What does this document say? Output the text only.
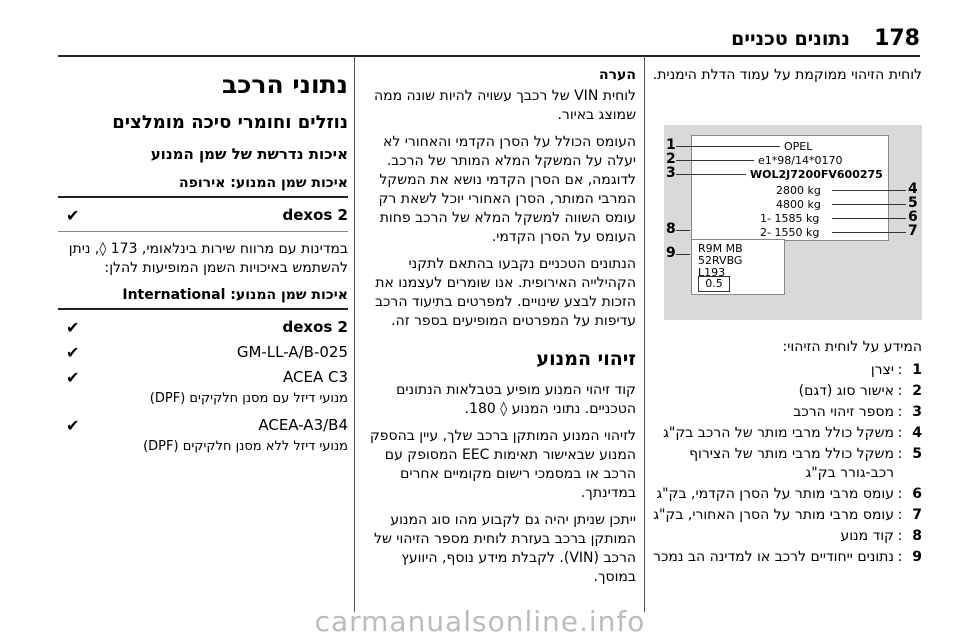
178
נתונים טכניים

לוחית הזיהוי ממוקמת על עמוד הדלת הימנית.

OPEL
e1*98/14*0170
WOL2J7200FV600275
2800 kg
4800 kg
1- 1585 kg
2- 1550 kg
R9M MB
52RVBG
L193
0.5
1
2
3
8
9
4
5
6
7

המידע על לוחית הזיהוי:

1
:
יצרן
2
:
אישור סוג (דגם)
3
:
מספר זיהוי הרכב
4
:
משקל כולל מרבי מותר של הרכב בק"ג
5
:
משקל כולל מרבי מותר של הצירוף רכב-גורר בק"ג
6
:
עומס מרבי מותר על הסרן הקדמי, בק"ג
7
:
עומס מרבי מותר על הסרן האחורי, בק"ג
8
:
קוד מנוע
9
:
נתונים ייחודיים לרכב או למדינה הב נמכר

הערה

לוחית VIN של רכבך עשויה להיות שונה ממה שמוצג באיור.

העומס הכולל על הסרן הקדמי והאחורי לא יעלה על המשקל המלא המותר של הרכב. לדוגמה, אם הסרן הקדמי נושא את המשקל המרבי המותר, הסרן האחורי יוכל לשאת רק עומס השווה למשקל המלא של הרכב פחות העומס על הסרן הקדמי.

הנתונים הטכניים נקבעו בהתאם לתקני הקהילייה האירופית. אנו שומרים לעצמנו את הזכות לבצע שינויים. למפרטים בתיעוד הרכב עדיפות על המפרטים המופיעים בספר זה.

זיהוי המנוע

קוד זיהוי המנוע מופיע בטבלאות הנתונים הטכניים. נתוני המנוע ◊ 180.

לזיהוי המנוע המותקן ברכב שלך, עיין בהספק המנוע שבאישור תאימות EEC המסופק עם הרכב או במסמכי רישום מקומיים אחרים במדינתך.

ייתכן שניתן יהיה גם לקבוע מהו סוג המנוע המותקן ברכב בעזרת לוחית מספר הזיהוי של הרכב (VIN). לקבלת מידע נוסף, היוועץ במוסך.

נתוני הרכב
נוזלים וחומרי סיכה מומלצים
איכות נדרשת של שמן המנוע
איכות שמן המנוע: אירופה
dexos 2
✔

במדינות עם מרווח שירות בינלאומי, 173 ◊, ניתן להשתמש באיכויות השמן המופיעות להלן:

איכות שמן המנוע: International
dexos 2
✔
GM-LL-A/B-025
✔
ACEA C3
✔

מנועי דיזל עם מסנן חלקיקים (DPF)

ACEA-A3/B4
✔

מנועי דיזל ללא מסנן חלקיקים (DPF)

carmanualsonline.info
